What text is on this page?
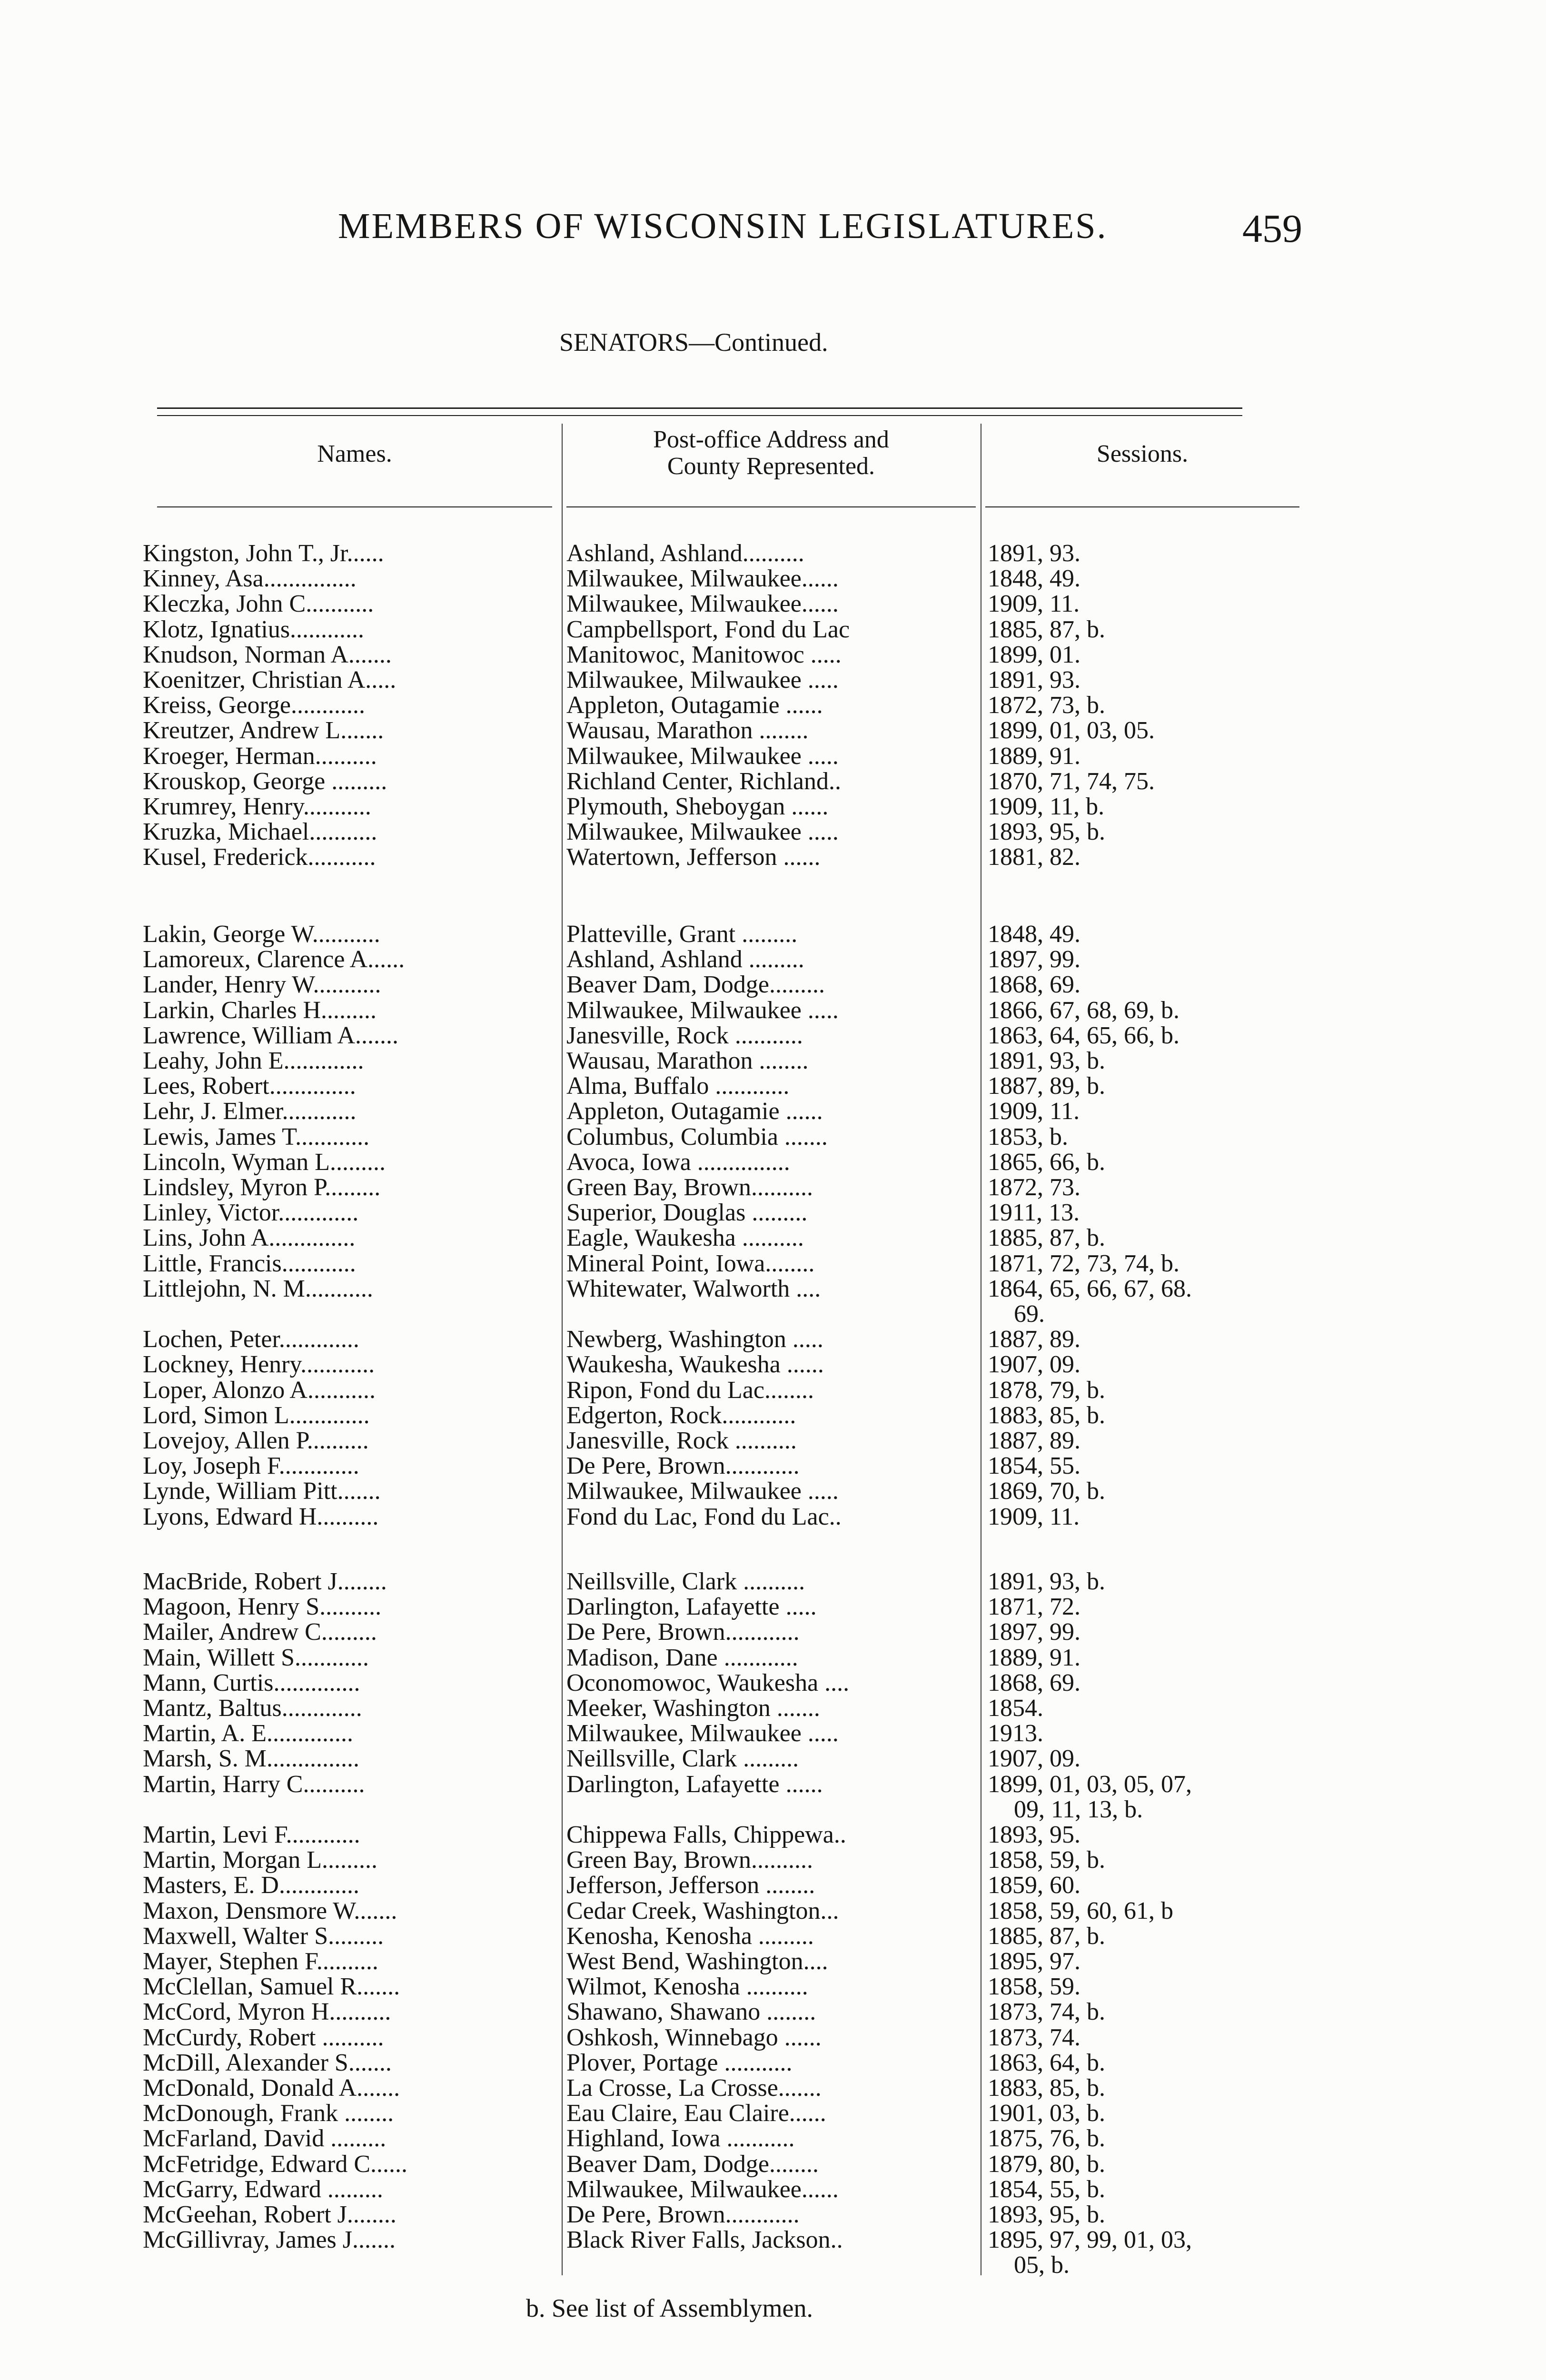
MEMBERS OF WISCONSIN LEGISLATURES.	459
SENATORS—Continued.
Names.
Post-office Address and
County Represented.	Sessions.
Kingston, John T., Jr......	Ashland, Ashland..........	1891, 93.
Kinney, Asa...............	Milwaukee, Milwaukee......	1848, 49.
Kleczka, John C...........	Milwaukee, Milwaukee......	1909, 11.
Klotz, Ignatius............	Campbellsport, Fond du Lac	1885, 87, b.
Knudson, Norman A.......	Manitowoc, Manitowoc .....	1899, 01.
Koenitzer, Christian A.....	Milwaukee, Milwaukee .....	1891, 93.
Kreiss, George............	Appleton, Outagamie ......	1872, 73, b.
Kreutzer, Andrew L.......	Wausau, Marathon ........	1899, 01, 03, 05.
Kroeger, Herman..........	Milwaukee, Milwaukee .....	1889, 91.
Krouskop, George .........	Richland Center, Richland..	1870, 71, 74, 75.
Krumrey, Henry...........	Plymouth, Sheboygan ......	1909, 11, b.
Kruzka, Michael...........	Milwaukee, Milwaukee .....	1893, 95, b.
Kusel, Frederick...........	Watertown, Jefferson ......	1881, 82.
Lakin, George W...........	Platteville, Grant .........	1848, 49.
Lamoreux, Clarence A......	Ashland, Ashland .........	1897, 99.
Lander, Henry W...........	Beaver Dam, Dodge.........	1868, 69.
Larkin, Charles H.........	Milwaukee, Milwaukee .....	1866, 67, 68, 69, b.
Lawrence, William A.......	Janesville, Rock ...........	1863, 64, 65, 66, b.
Leahy, John E.............	Wausau, Marathon ........	1891, 93, b.
Lees, Robert..............	Alma, Buffalo ............	1887, 89, b.
Lehr, J. Elmer............	Appleton, Outagamie ......	1909, 11.
Lewis, James T............	Columbus, Columbia .......	1853, b.
Lincoln, Wyman L.........	Avoca, Iowa ...............	1865, 66, b.
Lindsley, Myron P.........	Green Bay, Brown..........	1872, 73.
Linley, Victor.............	Superior, Douglas .........	1911, 13.
Lins, John A..............	Eagle, Waukesha ..........	1885, 87, b.
Little, Francis............	Mineral Point, Iowa........	1871, 72, 73, 74, b.
Littlejohn, N. M...........	Whitewater, Walworth ....	1864, 65, 66, 67, 68.
69.
Lochen, Peter.............	Newberg, Washington .....	1887, 89.
Lockney, Henry............	Waukesha, Waukesha ......	1907, 09.
Loper, Alonzo A...........	Ripon, Fond du Lac........	1878, 79, b.
Lord, Simon L.............	Edgerton, Rock............	1883, 85, b.
Lovejoy, Allen P..........	Janesville, Rock ..........	1887, 89.
Loy, Joseph F.............	De Pere, Brown............	1854, 55.
Lynde, William Pitt.......	Milwaukee, Milwaukee .....	1869, 70, b.
Lyons, Edward H..........	Fond du Lac, Fond du Lac..	1909, 11.
MacBride, Robert J........	Neillsville, Clark ..........	1891, 93, b.
Magoon, Henry S..........	Darlington, Lafayette .....	1871, 72.
Mailer, Andrew C.........	De Pere, Brown............	1897, 99.
Main, Willett S............	Madison, Dane ............	1889, 91.
Mann, Curtis..............	Oconomowoc, Waukesha ....	1868, 69.
Mantz, Baltus.............	Meeker, Washington .......	1854.
Martin, A. E..............	Milwaukee, Milwaukee .....	1913.
Marsh, S. M...............	Neillsville, Clark .........	1907, 09.
Martin, Harry C..........	Darlington, Lafayette ......	1899, 01, 03, 05, 07,
09, 11, 13, b.
Martin, Levi F............	Chippewa Falls, Chippewa..	1893, 95.
Martin, Morgan L.........	Green Bay, Brown..........	1858, 59, b.
Masters, E. D.............	Jefferson, Jefferson ........	1859, 60.
Maxon, Densmore W.......	Cedar Creek, Washington...	1858, 59, 60, 61, b
Maxwell, Walter S.........	Kenosha, Kenosha .........	1885, 87, b.
Mayer, Stephen F..........	West Bend, Washington....	1895, 97.
McClellan, Samuel R.......	Wilmot, Kenosha ..........	1858, 59.
McCord, Myron H..........	Shawano, Shawano ........	1873, 74, b.
McCurdy, Robert ..........	Oshkosh, Winnebago ......	1873, 74.
McDill, Alexander S.......	Plover, Portage ...........	1863, 64, b.
McDonald, Donald A.......	La Crosse, La Crosse.......	1883, 85, b.
McDonough, Frank ........	Eau Claire, Eau Claire......	1901, 03, b.
McFarland, David .........	Highland, Iowa ...........	1875, 76, b.
McFetridge, Edward C......	Beaver Dam, Dodge........	1879, 80, b.
McGarry, Edward .........	Milwaukee, Milwaukee......	1854, 55, b.
McGeehan, Robert J........	De Pere, Brown............	1893, 95, b.
McGillivray, James J.......	Black River Falls, Jackson..	1895, 97, 99, 01, 03,
05, b.
b. See list of Assemblymen.
